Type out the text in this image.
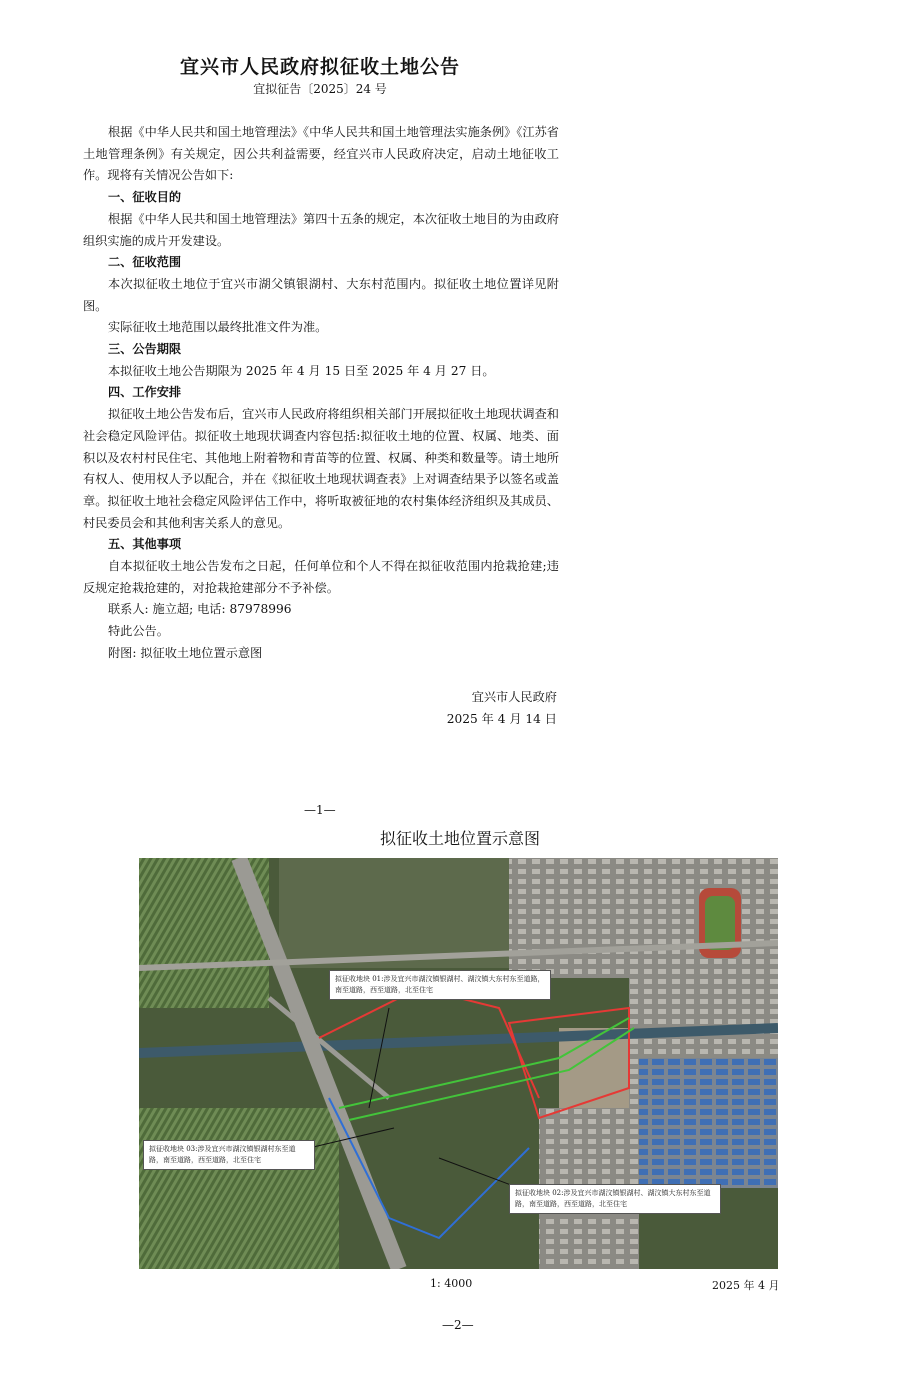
宜兴市人民政府拟征收土地公告
宜拟征告〔2025〕24 号

根据《中华人民共和国土地管理法》《中华人民共和国土地管理法实施条例》《江苏省土地管理条例》有关规定，因公共利益需要，经宜兴市人民政府决定，启动土地征收工作。现将有关情况公告如下:

一、征收目的

根据《中华人民共和国土地管理法》第四十五条的规定，本次征收土地目的为由政府组织实施的成片开发建设。

二、征收范围

本次拟征收土地位于宜兴市湖父镇银湖村、大东村范围内。拟征收土地位置详见附图。

实际征收土地范围以最终批准文件为准。

三、公告期限

本拟征收土地公告期限为 2025 年 4 月 15 日至 2025 年 4 月 27 日。

四、工作安排

拟征收土地公告发布后，宜兴市人民政府将组织相关部门开展拟征收土地现状调查和社会稳定风险评估。拟征收土地现状调查内容包括:拟征收土地的位置、权属、地类、面积以及农村村民住宅、其他地上附着物和青苗等的位置、权属、种类和数量等。请土地所有权人、使用权人予以配合，并在《拟征收土地现状调查表》上对调查结果予以签名或盖章。拟征收土地社会稳定风险评估工作中，将听取被征地的农村集体经济组织及其成员、村民委员会和其他利害关系人的意见。

五、其他事项

自本拟征收土地公告发布之日起，任何单位和个人不得在拟征收范围内抢栽抢建;违反规定抢栽抢建的，对抢栽抢建部分不予补偿。

联系人: 施立超; 电话: 87978996

特此公告。

附图: 拟征收土地位置示意图

宜兴市人民政府
2025 年 4 月 14 日
—1—
拟征收土地位置示意图
拟征收地块 01:涉及宜兴市湖汶镇银湖村、湖汶镇大东村东至道路，南至道路，西至道路，北至住宅
拟征收地块 03:涉及宜兴市湖汶镇银湖村东至道路，南至道路，西至道路，北至住宅
拟征收地块 02:涉及宜兴市湖汶镇银湖村、湖汶镇大东村东至道路，南至道路，西至道路，北至住宅
1: 4000	2025 年 4 月
—2—
